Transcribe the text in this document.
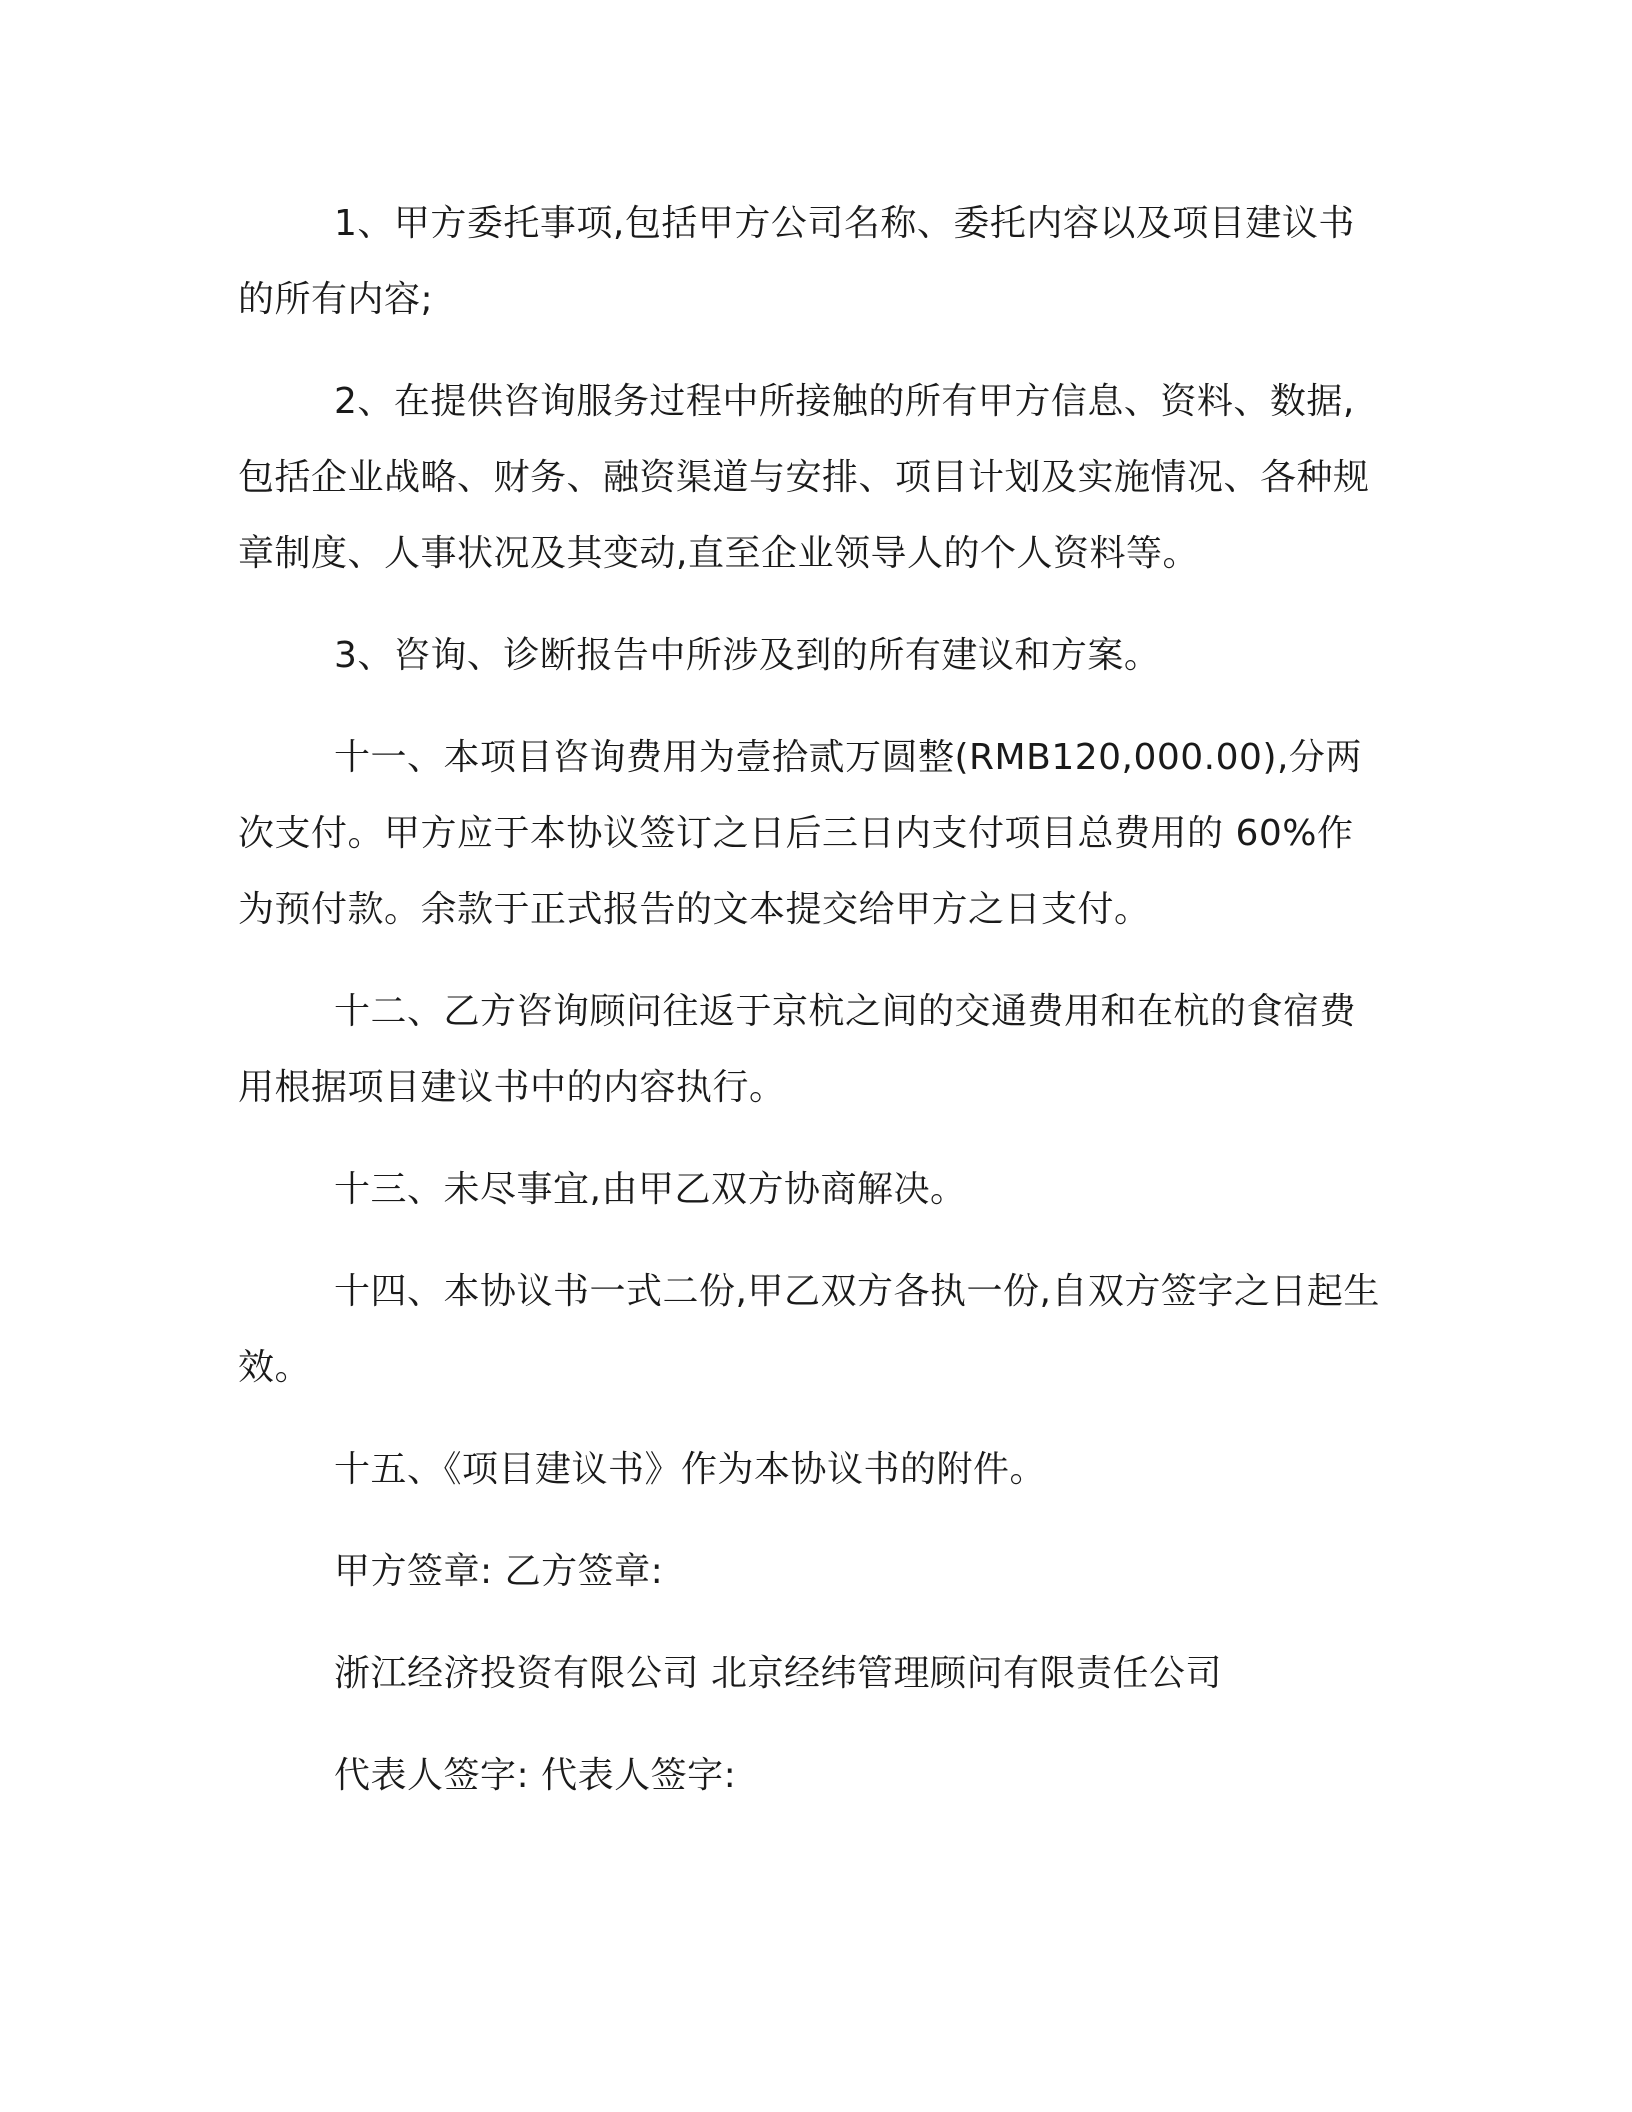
1、甲方委托事项,包括甲方公司名称、委托内容以及项目建议书的所有内容;

2、在提供咨询服务过程中所接触的所有甲方信息、资料、数据,包括企业战略、财务、融资渠道与安排、项目计划及实施情况、各种规章制度、人事状况及其变动,直至企业领导人的个人资料等。

3、咨询、诊断报告中所涉及到的所有建议和方案。

十一、本项目咨询费用为壹拾贰万圆整(RMB120,000.00),分两次支付。甲方应于本协议签订之日后三日内支付项目总费用的 60%作为预付款。余款于正式报告的文本提交给甲方之日支付。

十二、乙方咨询顾问往返于京杭之间的交通费用和在杭的食宿费用根据项目建议书中的内容执行。

十三、未尽事宜,由甲乙双方协商解决。

十四、本协议书一式二份,甲乙双方各执一份,自双方签字之日起生效。

十五、《项目建议书》作为本协议书的附件。

甲方签章: 乙方签章:

浙江经济投资有限公司 北京经纬管理顾问有限责任公司

代表人签字: 代表人签字:
